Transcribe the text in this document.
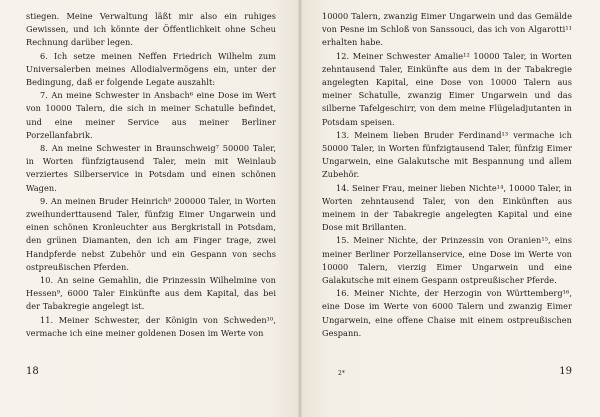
stiegen. Meine Verwaltung läßt mir also ein ruhiges Gewissen, und ich könnte der Öffentlichkeit ohne Scheu Rechnung darüber legen.

6. Ich setze meinen Neffen Friedrich Wilhelm zum Universalerben meines Allodialvermögens ein, unter der Bedingung, daß er folgende Legate auszahlt:

7. An meine Schwester in Ansbach⁶ eine Dose im Wert von 10000 Talern, die sich in meiner Schatulle befindet, und eine meiner Service aus meiner Berliner Porzellanfabrik.

8. An meine Schwester in Braunschweig⁷ 50000 Taler, in Worten fünfzigtausend Taler, mein mit Weinlaub verziertes Silberservice in Potsdam und einen schönen Wagen.

9. An meinen Bruder Heinrich⁸ 200000 Taler, in Worten zweihunderttausend Taler, fünfzig Eimer Ungarwein und einen schönen Kronleuchter aus Bergkristall in Potsdam, den grünen Diamanten, den ich am Finger trage, zwei Handpferde nebst Zubehör und ein Gespann von sechs ostpreußischen Pferden.

10. An seine Gemahlin, die Prinzessin Wilhelmine von Hessen⁹, 6000 Taler Einkünfte aus dem Kapital, das bei der Tabakregie angelegt ist.

11. Meiner Schwester, der Königin von Schweden¹⁰, vermache ich eine meiner goldenen Dosen im Werte von

18

10000 Talern, zwanzig Eimer Ungarwein und das Gemälde von Pesne im Schloß von Sanssouci, das ich von Algarotti¹¹ erhalten habe.

12. Meiner Schwester Amalie¹² 10000 Taler, in Worten zehntausend Taler, Einkünfte aus dem in der Tabakregie angelegten Kapital, eine Dose von 10000 Talern aus meiner Schatulle, zwanzig Eimer Ungarwein und das silberne Tafelgeschirr, von dem meine Flügeladjutanten in Potsdam speisen.

13. Meinem lieben Bruder Ferdinand¹³ vermache ich 50000 Taler, in Worten fünfzigtausend Taler, fünfzig Eimer Ungarwein, eine Galakutsche mit Bespannung und allem Zubehör.

14. Seiner Frau, meiner lieben Nichte¹⁴, 10000 Taler, in Worten zehntausend Taler, von den Einkünften aus meinem in der Tabakregie angelegten Kapital und eine Dose mit Brillanten.

15. Meiner Nichte, der Prinzessin von Oranien¹⁵, eins meiner Berliner Porzellanservice, eine Dose im Werte von 10000 Talern, vierzig Eimer Ungarwein und eine Galakutsche mit einem Gespann ostpreußischer Pferde.

16. Meiner Nichte, der Herzogin von Württemberg¹⁶, eine Dose im Werte von 6000 Talern und zwanzig Eimer Ungarwein, eine offene Chaise mit einem ostpreußischen Gespann.

2*	19
